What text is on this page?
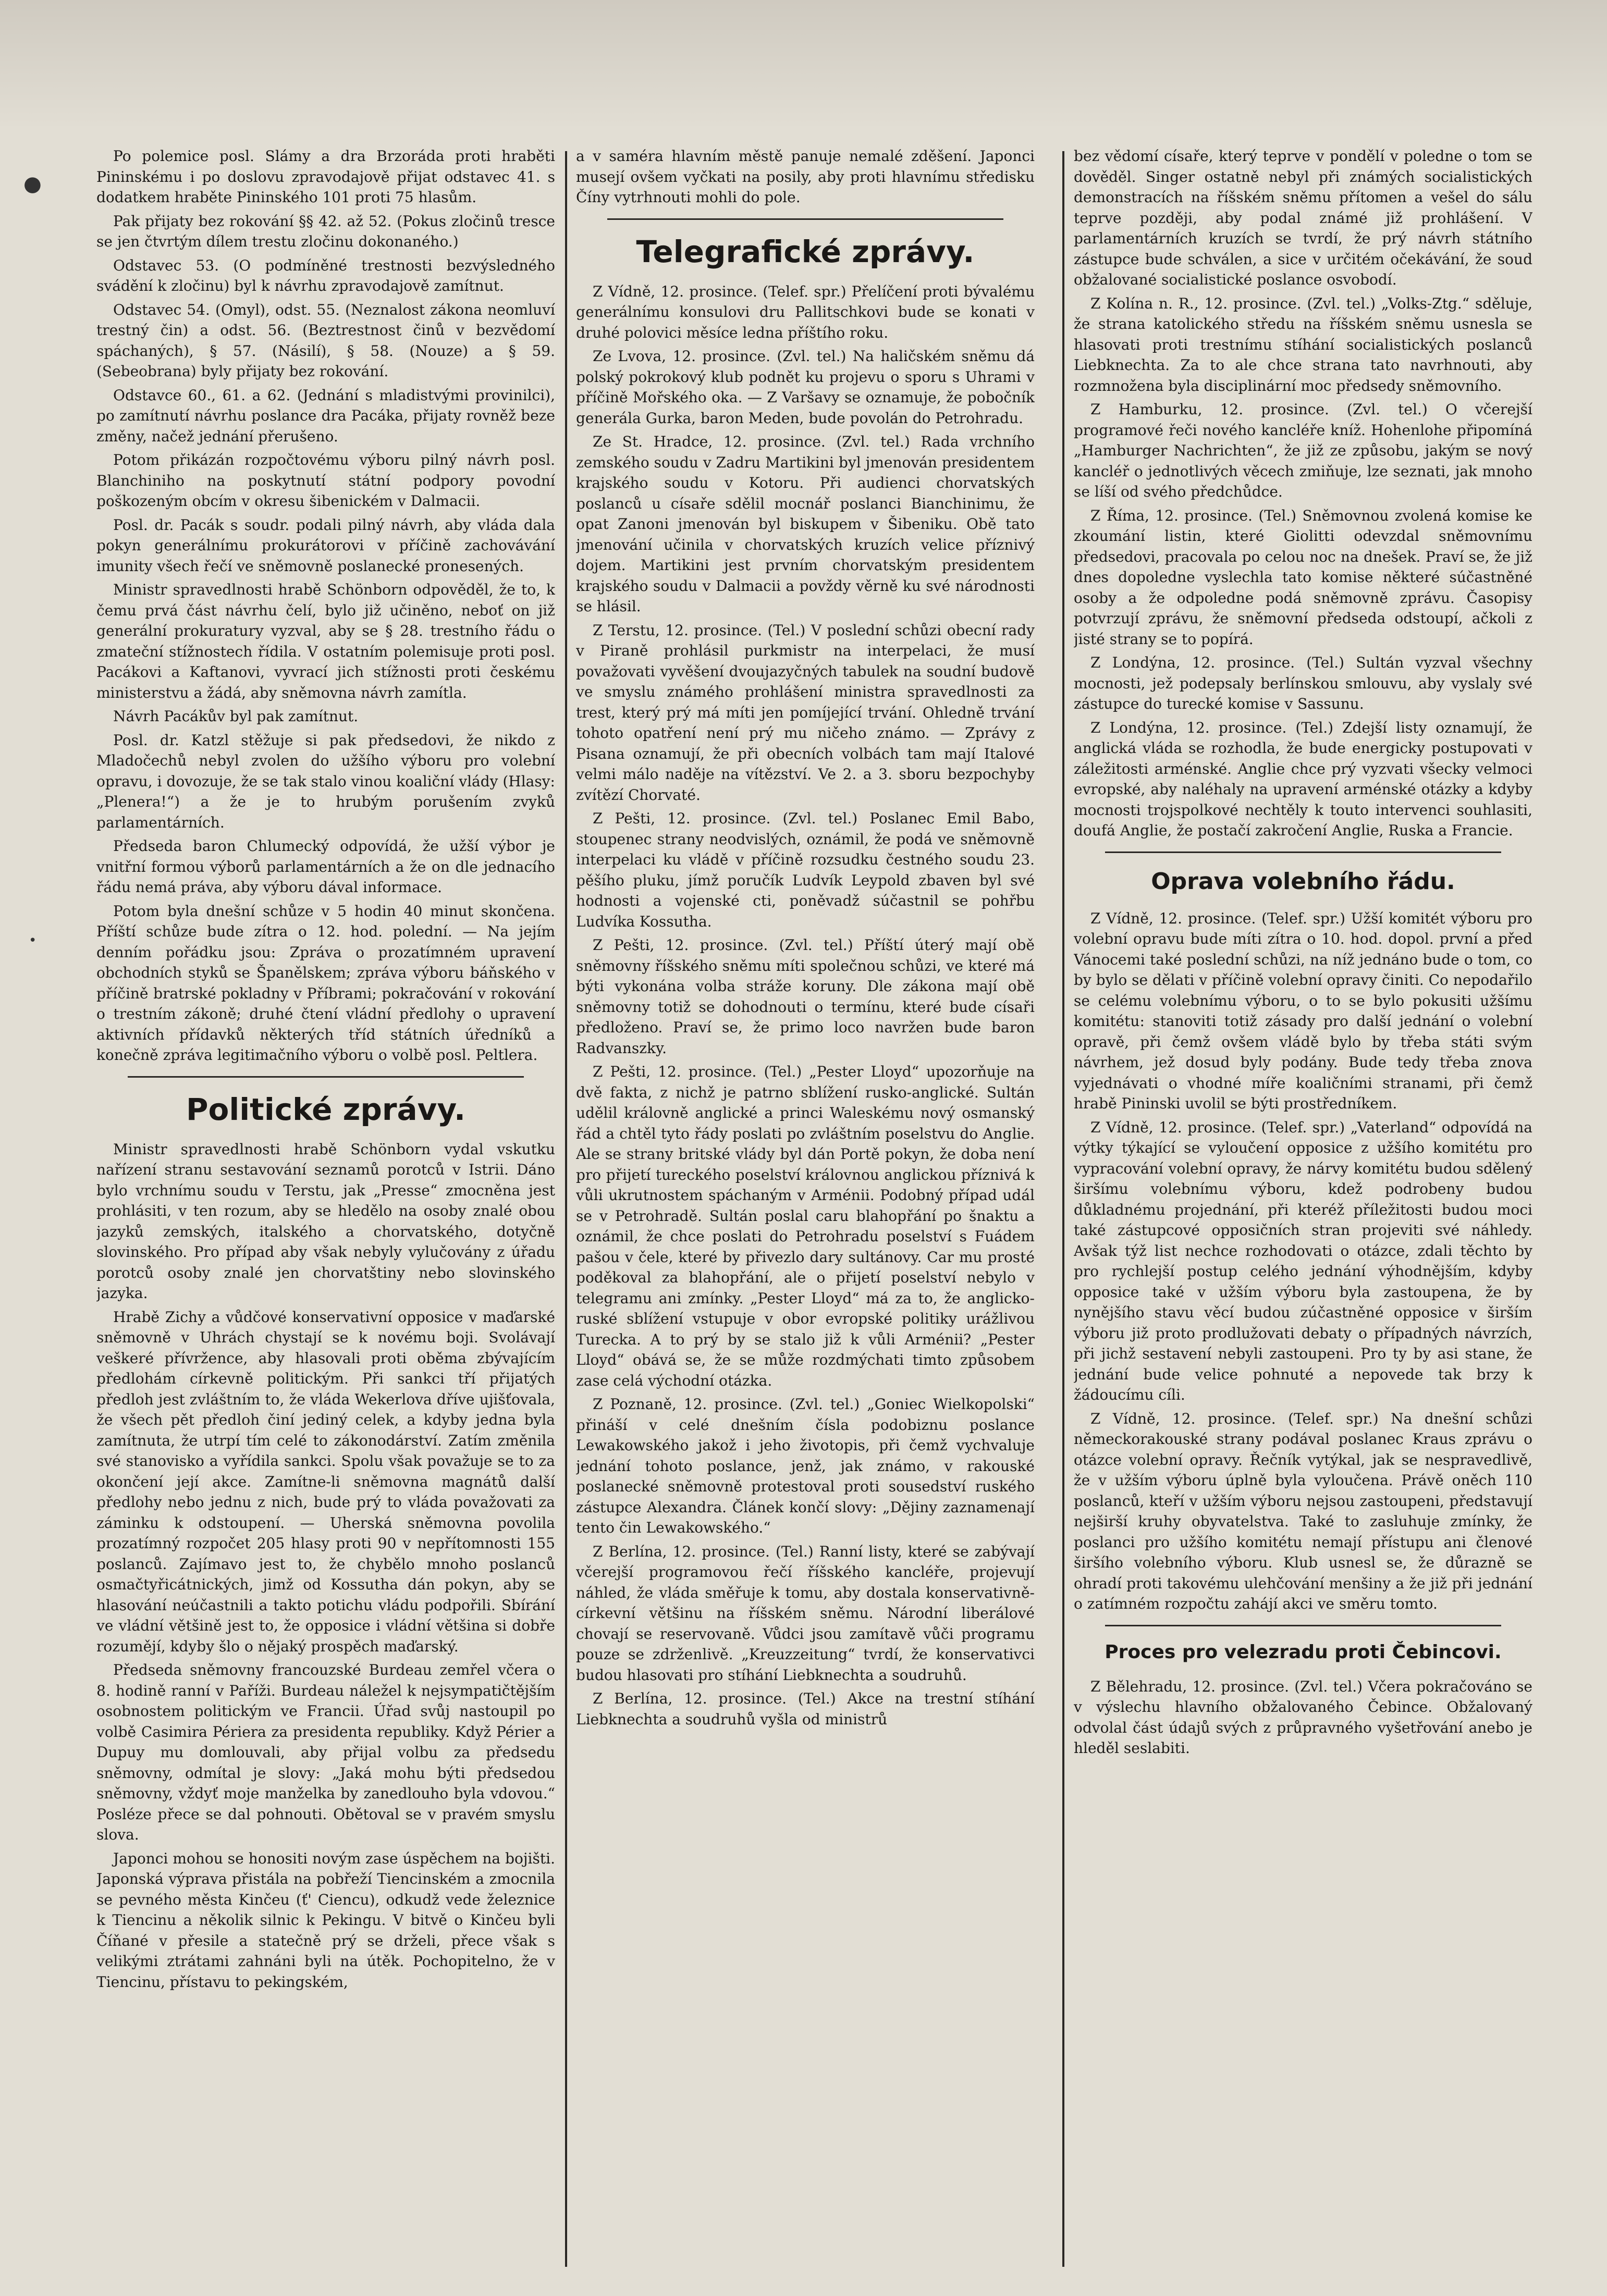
●
•

Po polemice posl. Slámy a dra Brzoráda proti hraběti Pininskému i po doslovu zpravodajově přijat odstavec 41. s dodatkem hraběte Pininského 101 proti 75 hlasům.

Pak přijaty bez rokování §§ 42. až 52. (Pokus zločinů tresce se jen čtvrtým dílem trestu zločinu dokonaného.)

Odstavec 53. (O podmíněné trestnosti bezvýsledného svádění k zločinu) byl k návrhu zpravodajově zamítnut.

Odstavec 54. (Omyl), odst. 55. (Neznalost zákona neomluví trestný čin) a odst. 56. (Beztrestnost činů v bezvědomí spáchaných), § 57. (Násilí), § 58. (Nouze) a § 59. (Sebeobrana) byly přijaty bez rokování.

Odstavce 60., 61. a 62. (Jednání s mladistvými provinilci), po zamítnutí návrhu poslance dra Pacáka, přijaty rovněž beze změny, načež jednání přerušeno.

Potom přikázán rozpočtovému výboru pilný návrh posl. Blanchiniho na poskytnutí státní podpory povodní poškozeným obcím v okresu šibenickém v Dalmacii.

Posl. dr. Pacák s soudr. podali pilný návrh, aby vláda dala pokyn generálnímu prokurátorovi v příčině zachovávání imunity všech řečí ve sněmovně poslanecké pronesených.

Ministr spravedlnosti hrabě Schönborn odpověděl, že to, k čemu prvá část návrhu čelí, bylo již učiněno, neboť on již generální prokuratury vyzval, aby se § 28. trestního řádu o zmateční stížnostech řídila. V ostatním polemisuje proti posl. Pacákovi a Kaftanovi, vyvrací jich stížnosti proti českému ministerstvu a žádá, aby sněmovna návrh zamítla.

Návrh Pacákův byl pak zamítnut.

Posl. dr. Katzl stěžuje si pak předsedovi, že nikdo z Mladočechů nebyl zvolen do užšího výboru pro volební opravu, i dovozuje, že se tak stalo vinou koaliční vlády (Hlasy: „Plenera!“) a že je to hrubým porušením zvyků parlamentárních.

Předseda baron Chlumecký odpovídá, že užší výbor je vnitřní formou výborů parlamentárních a že on dle jednacího řádu nemá práva, aby výboru dával informace.

Potom byla dnešní schůze v 5 hodin 40 minut skončena. Příští schůze bude zítra o 12. hod. polední. — Na jejím denním pořádku jsou: Zpráva o prozatímném upravení obchodních styků se Španělskem; zpráva výboru báňského v příčině bratrské pokladny v Příbrami; pokračování v rokování o trestním zákoně; druhé čtení vládní předlohy o upravení aktivních přídavků některých tříd státních úředníků a konečně zpráva legitimačního výboru o volbě posl. Peltlera.

Politické zprávy.

Ministr spravedlnosti hrabě Schönborn vydal vskutku nařízení stranu sestavování seznamů porotců v Istrii. Dáno bylo vrchnímu soudu v Terstu, jak „Presse“ zmocněna jest prohlásiti, v ten rozum, aby se hledělo na osoby znalé obou jazyků zemských, italského a chorvatského, dotyčně slovinského. Pro případ aby však nebyly vylučovány z úřadu porotců osoby znalé jen chorvatštiny nebo slovinského jazyka.

Hrabě Zichy a vůdčové konservativní opposice v maďarské sněmovně v Uhrách chystají se k novému boji. Svolávají veškeré přívržence, aby hlasovali proti oběma zbývajícím předlohám církevně politickým. Při sankci tří přijatých předloh jest zvláštním to, že vláda Wekerlova dříve ujišťovala, že všech pět předloh činí jediný celek, a kdyby jedna byla zamítnuta, že utrpí tím celé to zákonodárství. Zatím změnila své stanovisko a vyřídila sankci. Spolu však považuje se to za okončení její akce. Zamítne-li sněmovna magnátů další předlohy nebo jednu z nich, bude prý to vláda považovati za záminku k odstoupení. — Uherská sněmovna povolila prozatímný rozpočet 205 hlasy proti 90 v nepřítomnosti 155 poslanců. Zajímavo jest to, že chybělo mnoho poslanců osmačtyřicátnických, jimž od Kossutha dán pokyn, aby se hlasování neúčastnili a takto potichu vládu podpořili. Sbírání ve vládní většině jest to, že opposice i vládní většina si dobře rozumějí, kdyby šlo o nějaký prospěch maďarský.

Předseda sněmovny francouzské Burdeau zemřel včera o 8. hodině ranní v Paříži. Burdeau náležel k nejsympatičtějším osobnostem politickým ve Francii. Úřad svůj nastoupil po volbě Casimira Périera za presidenta republiky. Když Périer a Dupuy mu domlouvali, aby přijal volbu za předsedu sněmovny, odmítal je slovy: „Jaká mohu býti předsedou sněmovny, vždyť moje manželka by zanedlouho byla vdovou.“ Posléze přece se dal pohnouti. Obětoval se v pravém smyslu slova.

Japonci mohou se honositi novým zase úspěchem na bojišti. Japonská výprava přistála na pobřeží Tiencinském a zmocnila se pevného města Kinčeu (ť' Ciencu), odkudž vede železnice k Tiencinu a několik silnic k Pekingu. V bitvě o Kinčeu byli Číňané v přesile a statečně prý se drželi, přece však s velikými ztrátami zahnáni byli na útěk. Pochopitelno, že v Tiencinu, přístavu to pekingském,

a v saméra hlavním městě panuje nemalé zděšení. Japonci musejí ovšem vyčkati na posily, aby proti hlavnímu středisku Číny vytrhnouti mohli do pole.

Telegrafické zprávy.

Z Vídně, 12. prosince. (Telef. spr.) Přelíčení proti bývalému generálnímu konsulovi dru Pallitschkovi bude se konati v druhé polovici měsíce ledna příštího roku.

Ze Lvova, 12. prosince. (Zvl. tel.) Na haličském sněmu dá polský pokrokový klub podnět ku projevu o sporu s Uhrami v příčině Mořského oka. — Z Varšavy se oznamuje, že pobočník generála Gurka, baron Meden, bude povolán do Petrohradu.

Ze St. Hradce, 12. prosince. (Zvl. tel.) Rada vrchního zemského soudu v Zadru Martikini byl jmenován presidentem krajského soudu v Kotoru. Při audienci chorvatských poslanců u císaře sdělil mocnář poslanci Bianchinimu, že opat Zanoni jmenován byl biskupem v Šibeniku. Obě tato jmenování učinila v chorvatských kruzích velice příznivý dojem. Martikini jest prvním chorvatským presidentem krajského soudu v Dalmacii a povždy věrně ku své národnosti se hlásil.

Z Terstu, 12. prosince. (Tel.) V poslední schůzi obecní rady v Piraně prohlásil purkmistr na interpelaci, že musí považovati vyvěšení dvoujazyčných tabulek na soudní budově ve smyslu známého prohlášení ministra spravedlnosti za trest, který prý má míti jen pomíjející trvání. Ohledně trvání tohoto opatření není prý mu ničeho známo. — Zprávy z Pisana oznamují, že při obecních volbách tam mají Italové velmi málo naděje na vítězství. Ve 2. a 3. sboru bezpochyby zvítězí Chorvaté.

Z Pešti, 12. prosince. (Zvl. tel.) Poslanec Emil Babo, stoupenec strany neodvislých, oznámil, že podá ve sněmovně interpelaci ku vládě v příčině rozsudku čestného soudu 23. pěšího pluku, jímž poručík Ludvík Leypold zbaven byl své hodnosti a vojenské cti, poněvadž súčastnil se pohřbu Ludvíka Kossutha.

Z Pešti, 12. prosince. (Zvl. tel.) Příští úterý mají obě sněmovny říšského sněmu míti společnou schůzi, ve které má býti vykonána volba stráže koruny. Dle zákona mají obě sněmovny totiž se dohodnouti o termínu, které bude císaři předloženo. Praví se, že primo loco navržen bude baron Radvanszky.

Z Pešti, 12. prosince. (Tel.) „Pester Lloyd“ upozorňuje na dvě fakta, z nichž je patrno sblížení rusko-anglické. Sultán udělil královně anglické a princi Waleskému nový osmanský řád a chtěl tyto řády poslati po zvláštním poselstvu do Anglie. Ale se strany britské vlády byl dán Portě pokyn, že doba není pro přijetí tureckého poselství královnou anglickou příznivá k vůli ukrutnostem spáchaným v Arménii. Podobný případ udál se v Petrohradě. Sultán poslal caru blahopřání po šnaktu a oznámil, že chce poslati do Petrohradu poselství s Fuádem pašou v čele, které by přivezlo dary sultánovy. Car mu prosté poděkoval za blahopřání, ale o přijetí poselství nebylo v telegramu ani zmínky. „Pester Lloyd“ má za to, že anglicko-ruské sblížení vstupuje v obor evropské politiky urážlivou Turecka. A to prý by se stalo již k vůli Arménii? „Pester Lloyd“ obává se, že se může rozdmýchati timto způsobem zase celá východní otázka.

Z Poznaně, 12. prosince. (Zvl. tel.) „Goniec Wielkopolski“ přináší v celé dnešním čísla podobiznu poslance Lewakowského jakož i jeho životopis, při čemž vychvaluje jednání tohoto poslance, jenž, jak známo, v rakouské poslanecké sněmovně protestoval proti sousedství ruského zástupce Alexandra. Článek končí slovy: „Dějiny zaznamenají tento čin Lewakowského.“

Z Berlína, 12. prosince. (Tel.) Ranní listy, které se zabývají včerejší programovou řečí říšského kancléře, projevují náhled, že vláda směřuje k tomu, aby dostala konservativně-církevní většinu na říšském sněmu. Národní liberálové chovají se reservovaně. Vůdci jsou zamítavě vůči programu pouze se zdrženlivě. „Kreuzzeitung“ tvrdí, že konservativci budou hlasovati pro stíhání Liebknechta a soudruhů.

Z Berlína, 12. prosince. (Tel.) Akce na trestní stíhání Liebknechta a soudruhů vyšla od ministrů

bez vědomí císaře, který teprve v pondělí v poledne o tom se dověděl. Singer ostatně nebyl při známých socialistických demonstracích na říšském sněmu přítomen a vešel do sálu teprve později, aby podal známé již prohlášení. V parlamentárních kruzích se tvrdí, že prý návrh státního zástupce bude schválen, a sice v určitém očekávání, že soud obžalované socialistické poslance osvobodí.

Z Kolína n. R., 12. prosince. (Zvl. tel.) „Volks-Ztg.“ sděluje, že strana katolického středu na říšském sněmu usnesla se hlasovati proti trestnímu stíhání socialistických poslanců Liebknechta. Za to ale chce strana tato navrhnouti, aby rozmnožena byla disciplinární moc předsedy sněmovního.

Z Hamburku, 12. prosince. (Zvl. tel.) O včerejší programové řeči nového kancléře kníž. Hohenlohe připomíná „Hamburger Nachrichten“, že již ze způsobu, jakým se nový kancléř o jednotlivých věcech zmiňuje, lze seznati, jak mnoho se líší od svého předchůdce.

Z Říma, 12. prosince. (Tel.) Sněmovnou zvolená komise ke zkoumání listin, které Giolitti odevzdal sněmovnímu předsedovi, pracovala po celou noc na dnešek. Praví se, že již dnes dopoledne vyslechla tato komise některé súčastněné osoby a že odpoledne podá sněmovně zprávu. Časopisy potvrzují zprávu, že sněmovní předseda odstoupí, ačkoli z jisté strany se to popírá.

Z Londýna, 12. prosince. (Tel.) Sultán vyzval všechny mocnosti, jež podepsaly berlínskou smlouvu, aby vyslaly své zástupce do turecké komise v Sassunu.

Z Londýna, 12. prosince. (Tel.) Zdejší listy oznamují, že anglická vláda se rozhodla, že bude energicky postupovati v záležitosti arménské. Anglie chce prý vyzvati všecky velmoci evropské, aby naléhaly na upravení arménské otázky a kdyby mocnosti trojspolkové nechtěly k touto intervenci souhlasiti, doufá Anglie, že postačí zakročení Anglie, Ruska a Francie.

Oprava volebního řádu.

Z Vídně, 12. prosince. (Telef. spr.) Užší komitét výboru pro volební opravu bude míti zítra o 10. hod. dopol. první a před Vánocemi také poslední schůzi, na níž jednáno bude o tom, co by bylo se dělati v příčině volební opravy činiti. Co nepodařilo se celému volebnímu výboru, o to se bylo pokusiti užšímu komitétu: stanoviti totiž zásady pro další jednání o volební opravě, při čemž ovšem vládě bylo by třeba státi svým návrhem, jež dosud byly podány. Bude tedy třeba znova vyjednávati o vhodné míře koaličními stranami, při čemž hrabě Pininski uvolil se býti prostředníkem.

Z Vídně, 12. prosince. (Telef. spr.) „Vaterland“ odpovídá na výtky týkající se vyloučení opposice z užšího komitétu pro vypracování volební opravy, že nárvy komitétu budou sdělený širšímu volebnímu výboru, kdež podrobeny budou důkladnému projednání, při kteréž příležitosti budou moci také zástupcové opposičních stran projeviti své náhledy. Avšak týž list nechce rozhodovati o otázce, zdali těchto by pro rychlejší postup celého jednání výhodnějším, kdyby opposice také v užším výboru byla zastoupena, že by nynějšího stavu věcí budou zúčastněné opposice v širším výboru již proto prodlužovati debaty o případných návrzích, při jichž sestavení nebyli zastoupeni. Pro ty by asi stane, že jednání bude velice pohnuté a nepovede tak brzy k žádoucímu cíli.

Z Vídně, 12. prosince. (Telef. spr.) Na dnešní schůzi německorakouské strany podával poslanec Kraus zprávu o otázce volební opravy. Řečník vytýkal, jak se nespravedlivě, že v užším výboru úplně byla vyloučena. Právě oněch 110 poslanců, kteří v užším výboru nejsou zastoupeni, představují nejširší kruhy obyvatelstva. Také to zasluhuje zmínky, že poslanci pro užšího komitétu nemají přístupu ani členové širšího volebního výboru. Klub usnesl se, že důrazně se ohradí proti takovému ulehčování menšiny a že již při jednání o zatímném rozpočtu zahájí akci ve směru tomto.

Proces pro velezradu proti Čebincovi.

Z Bělehradu, 12. prosince. (Zvl. tel.) Včera pokračováno se v výslechu hlavního obžalovaného Čebince. Obžalovaný odvolal část údajů svých z průpravného vyšetřování anebo je hleděl seslabiti.
